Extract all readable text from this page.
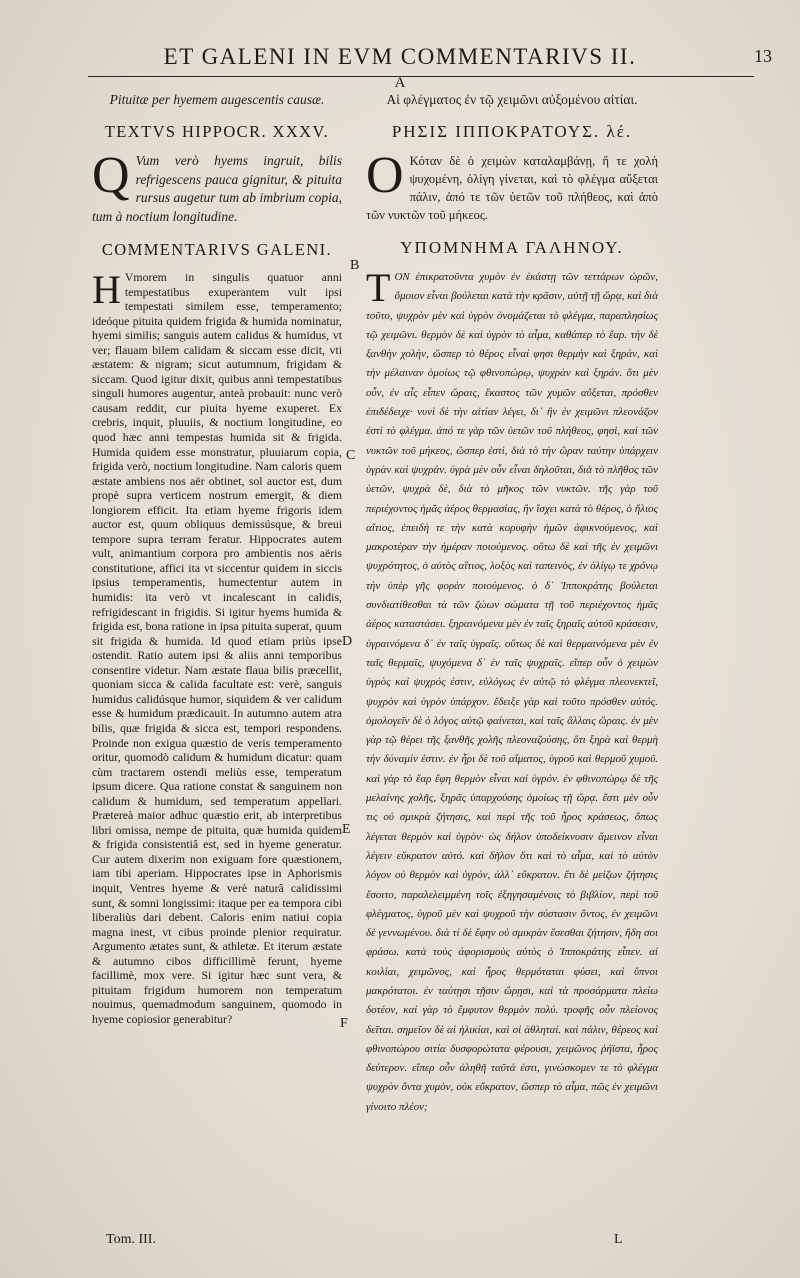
ET GALENI IN EVM COMMENTARIVS II.	13
A
Pituitæ per hyemem augescentis causæ.
TEXTVS HIPPOCR. XXXV.
Q Vum verò hyems ingruit, bilis refrigescens pauca gignitur, & pituita rursus augetur tum ab imbrium copia, tum à noctium longitudine.
COMMENTARIVS GALENI.
H Vmorem in singulis quatuor anni tempestatibus exuperantem vult ipsi tempestati similem esse, temperamento; ideóque pituita quidem frigida & humida nominatur, hyemi similis; sanguis autem calidus & humidus, vt ver; flauam bilem calidam & siccam esse dicit, vti æstatem: & nigram; sicut autumnum, frigidam & siccam. Quod igitur dixit, quibus anni tempestatibus singuli humores augentur, anteà probauit: nunc verò causam reddit, cur piuita hyeme exuperet. Ex crebris, inquit, pluuiis, & noctium longitudine, eo quod hæc anni tempestas humida sit & frigida. Humida quidem esse monstratur, pluuiarum copia, frigida verò, noctium longitudine. Nam caloris quem æstate ambiens nos aër obtinet, sol auctor est, dum propè supra verticem nostrum emergit, & diem longiorem efficit. Ita etiam hyeme frigoris idem auctor est, quum obliquus demissúsque, & breui tempore supra terram feratur. Hippocrates autem vult, animantium corpora pro ambientis nos aëris constitutione, affici ita vt siccentur quidem in siccis ipsius temperamentis, humectentur autem in humidis: ita verò vt incalescant in calidis, refrigidescant in frigidis. Si igitur hyems humida & frigida est, bona ratione in ipsa pituita superat, quum sit frigida & humida. Id quod etiam priùs ipse ostendit. Ratio autem ipsi & aliis anni temporibus consentire videtur. Nam æstate flaua bilis præcellit, quoniam sicca & calida facultate est: verè, sanguis humidus calidúsque humor, siquidem & ver calidum esse & humidum prædicauit. In autumno autem atra bilis, quæ frigida & sicca est, tempori respondens. Proinde non exigua quæstio de veris temperamento oritur, quomodò calidum & humidum dicatur: quam cùm tractarem ostendi meliùs esse, temperatum ipsum dicere. Qua ratione constat & sanguinem non calidum & humidum, sed temperatum appellari. Prætereà maior adhuc quæstio erit, ab interpretibus libri omissa, nempe de pituita, quæ humida quidem & frigida consistentiâ est, sed in hyeme generatur. Cur autem dixerim non exiguam fore quæstionem, iam tibi aperiam. Hippocrates ipse in Aphorismis inquit, Ventres hyeme & verè naturâ calidissimi sunt, & somni longissimi: itaque per ea tempora cibi liberaliùs dari debent. Caloris enim natiui copia magna inest, vt cibus proinde plenior requiratur. Argumento ætates sunt, & athletæ. Et iterum æstate & autumno cibos difficillimè ferunt, hyeme facillimè, mox vere. Si igitur hæc sunt vera, & pituitam frigidum humorem non temperatum nouimus, quemadmodum sanguinem, quomodo in hyeme copiosior generabitur?
Αἱ φλέγματος ἐν τῷ χειμῶνι αὐξομένου αἰτίαι.
ΡΗΣΙΣ ΙΠΠΟΚΡΑΤΟΥΣ. λέ.
Ο Κόταν δὲ ὁ χειμὼν καταλαμβάνῃ, ἥ τε χολὴ ψυχομένη, ὀλίγη γίνεται, καὶ τὸ φλέγμα αὔξεται πάλιν, ἀπό τε τῶν ὑετῶν τοῦ πλήθεος, καὶ ἀπὸ τῶν νυκτῶν τοῦ μήκεος.
ΥΠΟΜΝΗΜΑ ΓΑΛΗΝΟΥ.
ΤΟΝ ἐπικρατοῦντα χυμὸν ἐν ἑκάστῃ τῶν τεττάρων ὡρῶν, ὅμοιον εἶναι βούλεται κατὰ τὴν κρᾶσιν, αὐτῇ τῇ ὥρᾳ, καὶ διὰ τοῦτο, ψυχρὸν μὲν καὶ ὑγρὸν ὀνομάζεται τὸ φλέγμα, παραπλησίως τῷ χειμῶνι. θερμὸν δὲ καὶ ὑγρὸν τὸ αἷμα, καθάπερ τὸ ἔαρ. τὴν δὲ ξανθὴν χολὴν, ὥσπερ τὸ θέρος εἶναί φησι θερμὴν καὶ ξηράν, καὶ τὴν μέλαιναν ὁμοίως τῷ φθινοπώρῳ, ψυχρὰν καὶ ξηράν. ὅτι μὲν οὖν, ἐν αἷς εἶπεν ὥραις, ἕκαστος τῶν χυμῶν αὔξεται, πρόσθεν ἐπιδέδειχε· νυνὶ δὲ τὴν αἰτίαν λέγει, δι᾽ ἣν ἐν χειμῶνι πλεονάζον ἐστὶ τὸ φλέγμα. ἀπό τε γὰρ τῶν ὑετῶν τοῦ πλήθεος, φησὶ, καὶ τῶν νυκτῶν τοῦ μήκεος, ὥσπερ ἐστὶ, διὰ τὸ τὴν ὥραν ταύτην ὑπάρχειν ὑγρὰν καὶ ψυχράν. ὑγρὰ μὲν οὖν εἶναι δηλοῦται, διὰ τὸ πλῆθος τῶν ὑετῶν, ψυχρὰ δὲ, διὰ τὸ μῆκος τῶν νυκτῶν. τῆς γὰρ τοῦ περιέχοντος ἡμᾶς ἀέρος θερμασίας, ἣν ἴσχει κατὰ τὸ θέρος, ὁ ἥλιος αἴτιος, ἐπειδὴ τε τὴν κατὰ κορυφὴν ἡμῶν ἀφικνούμενος, καὶ μακροτέραν τὴν ἡμέραν ποιούμενος. οὕτω δὲ καὶ τῆς ἐν χειμῶνι ψυχρότητος, ὁ αὐτὸς αἴτιος, λοξὸς καὶ ταπεινὸς, ἐν ὀλίγῳ τε χρόνῳ τὴν ὑπὲρ γῆς φορὰν ποιούμενος. ὁ δ᾽ Ἱπποκράτης βούλεται συνδιατίθεσθαι τὰ τῶν ζώων σώματα τῇ τοῦ περιέχοντος ἡμᾶς ἀέρος καταστάσει. ξηραινόμενα μὲν ἐν ταῖς ξηραῖς αὐτοῦ κράσεσιν, ὑγραινόμενα δ᾽ ἐν ταῖς ὑγραῖς. οὕτως δὲ καὶ θερμαινόμενα μὲν ἐν ταῖς θερμαῖς, ψυχόμενα δ᾽ ἐν ταῖς ψυχραῖς. εἴπερ οὖν ὁ χειμὼν ὑγρὸς καὶ ψυχρός ἐστιν, εὐλόγως ἐν αὐτῷ τὸ φλέγμα πλεονεκτεῖ, ψυχρὸν καὶ ὑγρὸν ὑπάρχον. ἔδειξε γὰρ καὶ τοῦτο πρόσθεν αὐτός. ὁμολογεῖν δὲ ὁ λόγος αὐτῷ φαίνεται, καὶ ταῖς ἄλλαις ὥραις. ἐν μὲν γὰρ τῷ θέρει τῆς ξανθῆς χολῆς πλεοναζούσης, ὅτι ξηρὰ καὶ θερμὴ τὴν δύναμίν ἐστιν. ἐν ἦρι δὲ τοῦ αἵματος, ὑγροῦ καὶ θερμοῦ χυμοῦ. καὶ γὰρ τὸ ἔαρ ἔφη θερμὸν εἶναι καὶ ὑγρόν. ἐν φθινοπώρῳ δὲ τῆς μελαίνης χολῆς, ξηρᾶς ὑπαρχούσης ὁμοίως τῇ ὥρᾳ. ἔστι μὲν οὖν τις οὐ σμικρὰ ζήτησις, καὶ περὶ τῆς τοῦ ἦρος κράσεως, ὅπως λέγεται θερμὸν καὶ ὑγρὸν· ὡς δήλον ὑποδείκνυσιν ἄμεινον εἶναι λέγειν εὔκρατον αὐτό. καὶ δῆλον ὅτι καὶ τὸ αἷμα, καὶ τὸ αὐτὸν λόγον οὐ θερμὸν καὶ ὑγρόν, ἀλλ᾽ εὔκρατον. ἔτι δὲ μείζων ζήτησις ἔσοιτο, παραλελειμμένη τοῖς ἐξηγησαμένοις τὸ βιβλίον, περὶ τοῦ φλέγματος, ὑγροῦ μὲν καὶ ψυχροῦ τὴν σύστασιν ὄντος, ἐν χειμῶνι δὲ γεννωμένου. διὰ τί δὲ ἔφην οὐ σμικρὰν ἔσεσθαι ζήτησιν, ἤδη σοι φράσω. κατὰ τοὺς ἀφορισμοὺς αὐτὸς ὁ Ἱπποκράτης εἶπεν. αἱ κοιλίαι, χειμῶνος, καὶ ἦρος θερμόταται φύσει, καὶ ὕπνοι μακρότατοι. ἐν ταύτῃσι τῇσιν ὥρῃσι, καὶ τὰ προσάρματα πλείω δοτέον, καὶ γὰρ τὸ ἔμφυτον θερμὸν πολύ. τροφῆς οὖν πλείονος δεῖται. σημεῖον δὲ αἱ ἡλικίαι, καὶ οἱ ἀθληταί. καὶ πάλιν, θέρεος καὶ φθινοπώρου σιτία δυσφορώτατα φέρουσι, χειμῶνος ῥήϊστα, ἦρος δεύτερον. εἴπερ οὖν ἀληθῆ ταῦτά ἐστι, γινώσκομεν τε τὸ φλέγμα ψυχρὸν ὄντα χυμὸν, οὐκ εὔκρατον, ὥσπερ τὸ αἷμα, πῶς ἐν χειμῶνι γίνοιτο πλέον;
B
C
D
E
F
Tom. III.	L
